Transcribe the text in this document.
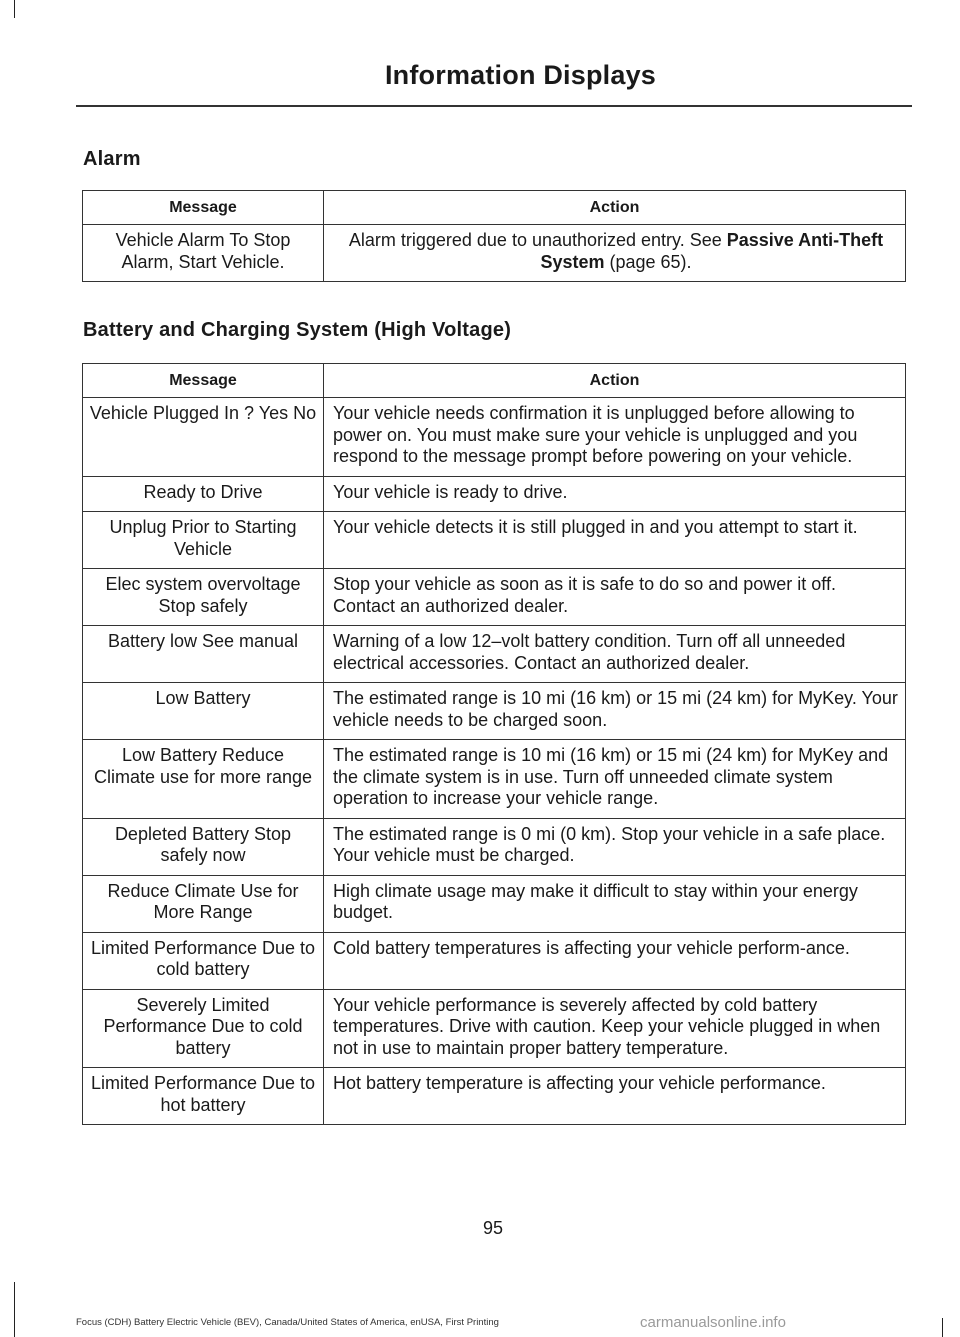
Information Displays
Alarm
Message	Action
Vehicle Alarm To Stop Alarm, Start Vehicle.	Alarm triggered due to unauthorized entry. See Passive Anti-Theft System (page 65).
Battery and Charging System (High Voltage)
Message	Action
Vehicle Plugged In ? Yes No	Your vehicle needs confirmation it is unplugged before allowing to power on. You must make sure your vehicle is unplugged and you respond to the message prompt before powering on your vehicle.
Ready to Drive	Your vehicle is ready to drive.
Unplug Prior to Starting Vehicle	Your vehicle detects it is still plugged in and you attempt to start it.
Elec system overvoltage Stop safely	Stop your vehicle as soon as it is safe to do so and power it off. Contact an authorized dealer.
Battery low See manual	Warning of a low 12–volt battery condition. Turn off all unneeded electrical accessories. Contact an authorized dealer.
Low Battery	The estimated range is 10 mi (16 km) or 15 mi (24 km) for MyKey. Your vehicle needs to be charged soon.
Low Battery Reduce Climate use for more range	The estimated range is 10 mi (16 km) or 15 mi (24 km) for MyKey and the climate system is in use. Turn off unneeded climate system operation to increase your vehicle range.
Depleted Battery Stop safely now	The estimated range is 0 mi (0 km). Stop your vehicle in a safe place. Your vehicle must be charged.
Reduce Climate Use for More Range	High climate usage may make it difficult to stay within your energy budget.
Limited Performance Due to cold battery	Cold battery temperatures is affecting your vehicle perform-ance.
Severely Limited Performance Due to cold battery	Your vehicle performance is severely affected by cold battery temperatures. Drive with caution. Keep your vehicle plugged in when not in use to maintain proper battery temperature.
Limited Performance Due to hot battery	Hot battery temperature is affecting your vehicle performance.
95
Focus (CDH) Battery Electric Vehicle (BEV), Canada/United States of America, enUSA, First Printing	carmanualsonline.info
